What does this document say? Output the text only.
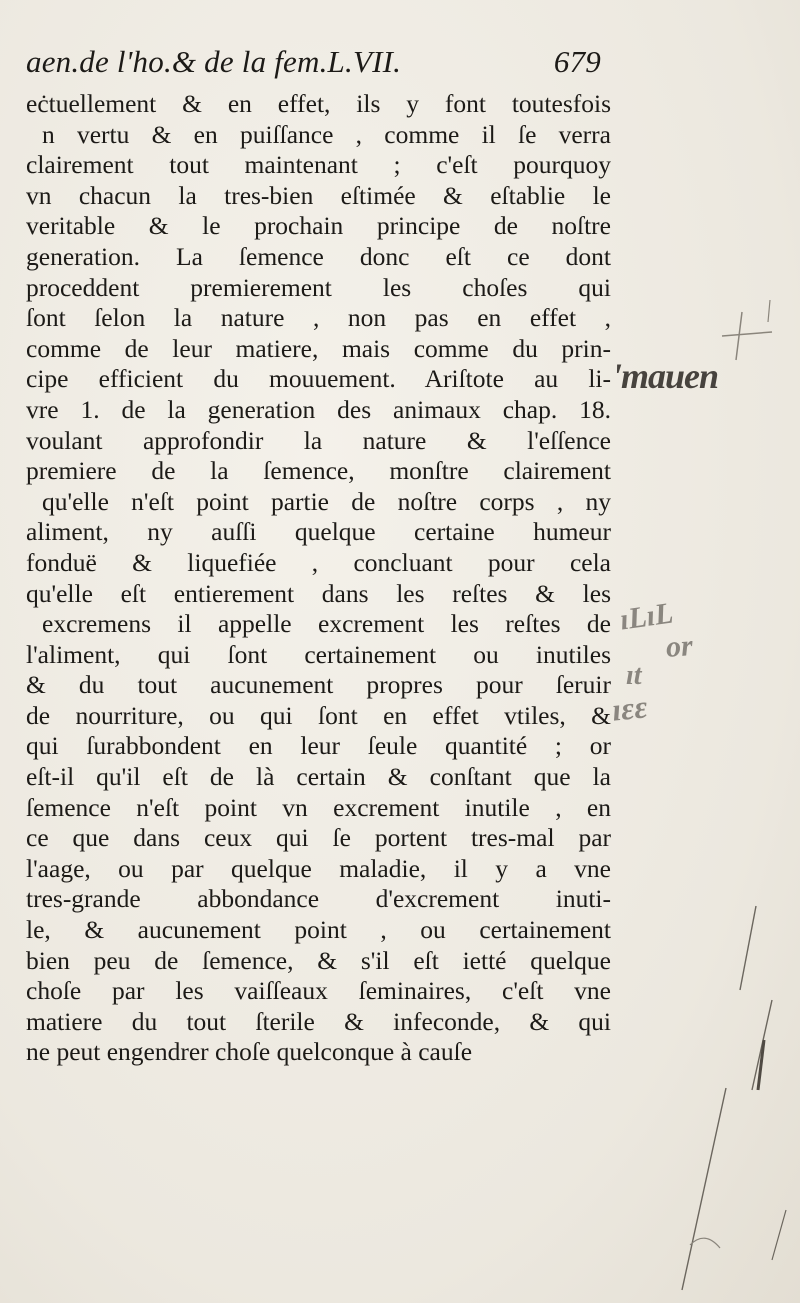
aen.de l'ho.& de la fem.L.VII.	679
eċtuellement & en effet, ils y font toutesfois
n vertu & en puiſſance , comme il ſe verra
clairement tout maintenant ; c'eſt pourquoy
vn chacun la tres-bien eſtimée & eſtablie le
veritable & le prochain principe de noſtre
generation. La ſemence donc eſt ce dont
proceddent premierement les choſes qui
ſont ſelon la nature , non pas en effet ,
comme de leur matiere, mais comme du prin-
cipe efficient du mouuement. Ariſtote au li-
vre 1. de la generation des animaux chap. 18.
voulant approfondir la nature & l'eſſence
premiere de la ſemence, monſtre clairement
qu'elle n'eſt point partie de noſtre corps , ny
aliment, ny auſſi quelque certaine humeur
fonduë & liquefiée , concluant pour cela
qu'elle eſt entierement dans les reſtes & les
excremens il appelle excrement les reſtes de
l'aliment, qui ſont certainement ou inutiles
& du tout aucunement propres pour ſeruir
de nourriture, ou qui ſont en effet vtiles, &
qui ſurabbondent en leur ſeule quantité ; or
eſt-il qu'il eſt de là certain & conſtant que la
ſemence n'eſt point vn excrement inutile , en
ce que dans ceux qui ſe portent tres-mal par
l'aage, ou par quelque maladie, il y a vne
tres-grande abbondance d'excrement inuti-
le, & aucunement point , ou certainement
bien peu de ſemence, & s'il eſt ietté quelque
choſe par les vaiſſeaux ſeminaires, c'eſt vne
matiere du tout ſterile & infeconde, & qui
ne peut engendrer choſe quelconque à cauſe
'mauen
ıLıL
or
ıt
ıɛɛ
